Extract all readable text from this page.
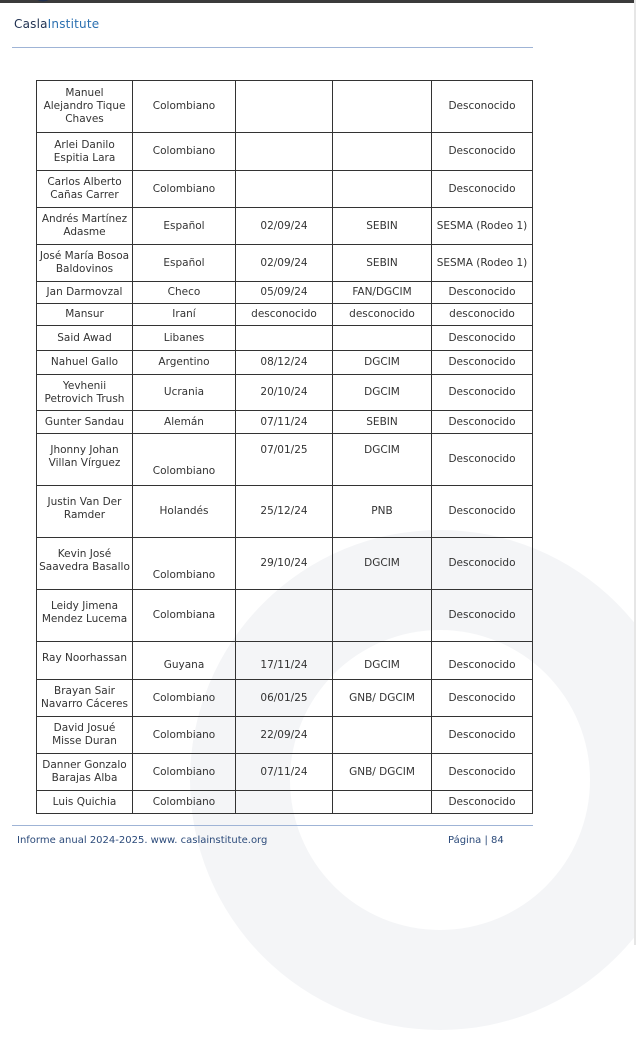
CaslaInstitute
Manuel Alejandro Tique Chaves	Colombiano			Desconocido
Arlei Danilo Espitia Lara	Colombiano			Desconocido
Carlos Alberto Cañas Carrer	Colombiano			Desconocido
Andrés Martínez Adasme	Español	02/09/24	SEBIN	SESMA (Rodeo 1)
José María Bosoa Baldovinos	Español	02/09/24	SEBIN	SESMA (Rodeo 1)
Jan Darmovzal	Checo	05/09/24	FAN/DGCIM	Desconocido
Mansur	Iraní	desconocido	desconocido	desconocido
Said Awad	Libanes			Desconocido
Nahuel Gallo	Argentino	08/12/24	DGCIM	Desconocido
Yevhenii Petrovich Trush	Ucrania	20/10/24	DGCIM	Desconocido
Gunter Sandau	Alemán	07/11/24	SEBIN	Desconocido
Jhonny Johan Villan Vírguez	Colombiano	07/01/25	DGCIM	Desconocido
Justin Van Der Ramder	Holandés	25/12/24	PNB	Desconocido
Kevin José Saavedra Basallo	Colombiano	29/10/24	DGCIM	Desconocido
Leidy Jimena Mendez Lucema	Colombiana			Desconocido
Ray Noorhassan	Guyana	17/11/24	DGCIM	Desconocido
Brayan Sair Navarro Cáceres	Colombiano	06/01/25	GNB/ DGCIM	Desconocido
David Josué Misse Duran	Colombiano	22/09/24		Desconocido
Danner Gonzalo Barajas Alba	Colombiano	07/11/24	GNB/ DGCIM	Desconocido
Luis Quichia	Colombiano			Desconocido
Informe anual 2024-2025. www. caslainstitute.org	Página | 84
